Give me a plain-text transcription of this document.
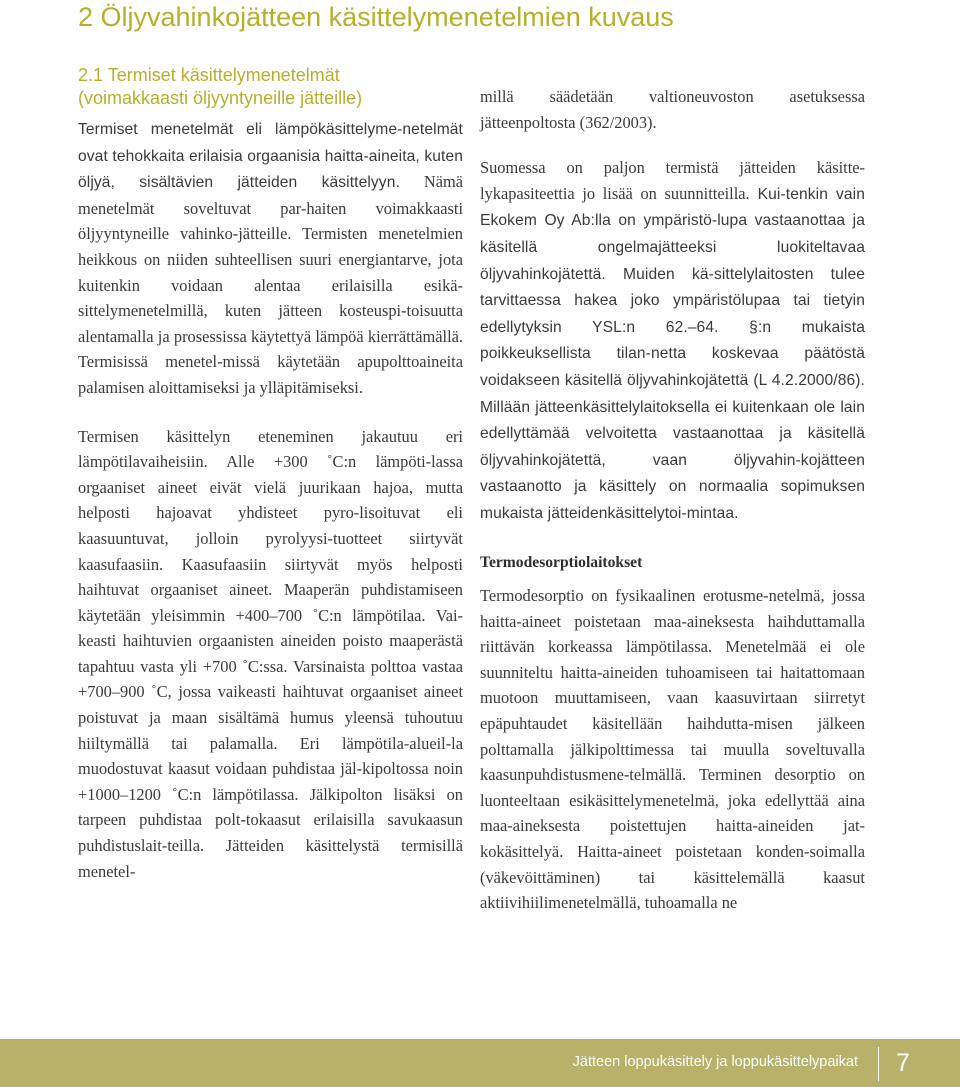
2 Öljyvahinkojätteen käsittelymenetelmien kuvaus
2.1 Termiset käsittelymenetelmät
(voimakkaasti öljyyntyneille jätteille)

Termiset menetelmät eli lämpökäsittelyme-netelmät ovat tehokkaita erilaisia orgaanisia haitta-aineita, kuten öljyä, sisältävien jätteiden käsittelyyn. Nämä menetelmät soveltuvat par-haiten voimakkaasti öljyyntyneille vahinko-jätteille. Termisten menetelmien heikkous on niiden suhteellisen suuri energiantarve, jota kuitenkin voidaan alentaa erilaisilla esikä-sittelymenetelmillä, kuten jätteen kosteuspi-toisuutta alentamalla ja prosessissa käytettyä lämpöä kierrättämällä. Termisissä menetel-missä käytetään apupolttoaineita palamisen aloittamiseksi ja ylläpitämiseksi.

Termisen käsittelyn eteneminen jakautuu eri lämpötilavaiheisiin. Alle +300 ˚C:n lämpöti-lassa orgaaniset aineet eivät vielä juurikaan hajoa, mutta helposti hajoavat yhdisteet pyro-lisoituvat eli kaasuuntuvat, jolloin pyrolyysi-tuotteet siirtyvät kaasufaasiin. Kaasufaasiin siirtyvät myös helposti haihtuvat orgaaniset aineet. Maaperän puhdistamiseen käytetään yleisimmin +400–700 ˚C:n lämpötilaa. Vai-keasti haihtuvien orgaanisten aineiden poisto maaperästä tapahtuu vasta yli +700 ˚C:ssa. Varsinaista polttoa vastaa +700–900 ˚C, jossa vaikeasti haihtuvat orgaaniset aineet poistuvat ja maan sisältämä humus yleensä tuhoutuu hiiltymällä tai palamalla. Eri lämpötila-alueil-la muodostuvat kaasut voidaan puhdistaa jäl-kipoltossa noin +1000–1200 ˚C:n lämpötilassa. Jälkipolton lisäksi on tarpeen puhdistaa polt-tokaasut erilaisilla savukaasun puhdistuslait-teilla. Jätteiden käsittelystä termisillä menetel-

millä säädetään valtioneuvoston asetuksessa jätteenpoltosta (362/2003).

Suomessa on paljon termistä jätteiden käsitte-lykapasiteettia jo lisää on suunnitteilla. Kui-tenkin vain Ekokem Oy Ab:lla on ympäristö-lupa vastaanottaa ja käsitellä ongelmajätteeksi luokiteltavaa öljyvahinkojätettä. Muiden kä-sittelylaitosten tulee tarvittaessa hakea joko ympäristölupaa tai tietyin edellytyksin YSL:n 62.–64. §:n mukaista poikkeuksellista tilan-netta koskevaa päätöstä voidakseen käsitellä öljyvahinkojätettä (L 4.2.2000/86). Millään jätteenkäsittelylaitoksella ei kuitenkaan ole lain edellyttämää velvoitetta vastaanottaa ja käsitellä öljyvahinkojätettä, vaan öljyvahin-kojätteen vastaanotto ja käsittely on normaalia sopimuksen mukaista jätteidenkäsittelytoi-mintaa.

Termodesorptiolaitokset

Termodesorptio on fysikaalinen erotusme-netelmä, jossa haitta-aineet poistetaan maa-aineksesta haihduttamalla riittävän korkeassa lämpötilassa. Menetelmää ei ole suunniteltu haitta-aineiden tuhoamiseen tai haitattomaan muotoon muuttamiseen, vaan kaasuvirtaan siirretyt epäpuhtaudet käsitellään haihdutta-misen jälkeen polttamalla jälkipolttimessa tai muulla soveltuvalla kaasunpuhdistusmene-telmällä. Terminen desorptio on luonteeltaan esikäsittelymenetelmä, joka edellyttää aina maa-aineksesta poistettujen haitta-aineiden jat-kokäsittelyä. Haitta-aineet poistetaan konden-soimalla (väkevöittäminen) tai käsittelemällä kaasut aktiivihiilimenetelmällä, tuhoamalla ne

Jätteen loppukäsittely ja loppukäsittelypaikat 7
